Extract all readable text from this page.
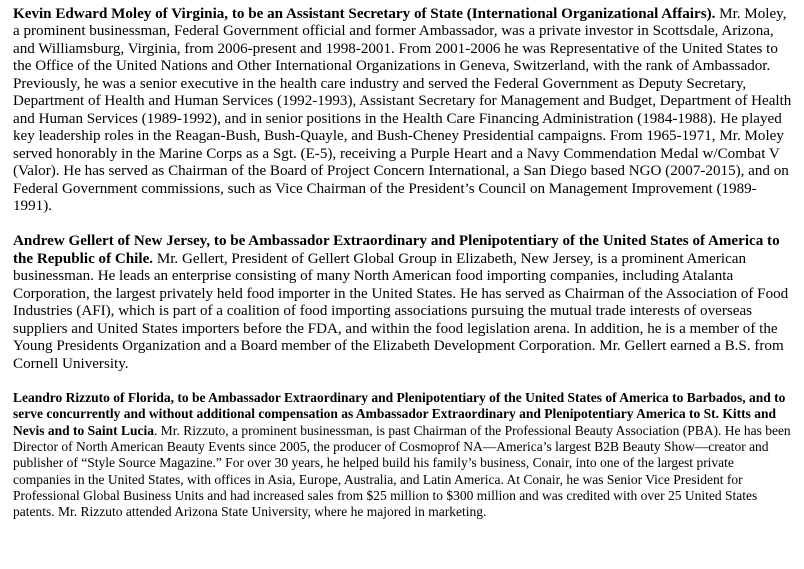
Kevin Edward Moley of Virginia, to be an Assistant Secretary of State (International Organizational Affairs). Mr. Moley, a prominent businessman, Federal Government official and former Ambassador, was a private investor in Scottsdale, Arizona, and Williamsburg, Virginia, from 2006-present and 1998-2001. From 2001-2006 he was Representative of the United States to the Office of the United Nations and Other International Organizations in Geneva, Switzerland, with the rank of Ambassador. Previously, he was a senior executive in the health care industry and served the Federal Government as Deputy Secretary, Department of Health and Human Services (1992-1993), Assistant Secretary for Management and Budget, Department of Health and Human Services (1989-1992), and in senior positions in the Health Care Financing Administration (1984-1988). He played key leadership roles in the Reagan-Bush, Bush-Quayle, and Bush-Cheney Presidential campaigns. From 1965-1971, Mr. Moley served honorably in the Marine Corps as a Sgt. (E-5), receiving a Purple Heart and a Navy Commendation Medal w/Combat V (Valor). He has served as Chairman of the Board of Project Concern International, a San Diego based NGO (2007-2015), and on Federal Government commissions, such as Vice Chairman of the President’s Council on Management Improvement (1989-1991).

Andrew Gellert of New Jersey, to be Ambassador Extraordinary and Plenipotentiary of the United States of America to the Republic of Chile. Mr. Gellert, President of Gellert Global Group in Elizabeth, New Jersey, is a prominent American businessman. He leads an enterprise consisting of many North American food importing companies, including Atalanta Corporation, the largest privately held food importer in the United States. He has served as Chairman of the Association of Food Industries (AFI), which is part of a coalition of food importing associations pursuing the mutual trade interests of overseas suppliers and United States importers before the FDA, and within the food legislation arena. In addition, he is a member of the Young Presidents Organization and a Board member of the Elizabeth Development Corporation. Mr. Gellert earned a B.S. from Cornell University.

Leandro Rizzuto of Florida, to be Ambassador Extraordinary and Plenipotentiary of the United States of America to Barbados, and to serve concurrently and without additional compensation as Ambassador Extraordinary and Plenipotentiary America to St. Kitts and Nevis and to Saint Lucia. Mr. Rizzuto, a prominent businessman, is past Chairman of the Professional Beauty Association (PBA). He has been Director of North American Beauty Events since 2005, the producer of Cosmoprof NA—America’s largest B2B Beauty Show—creator and publisher of “Style Source Magazine.” For over 30 years, he helped build his family’s business, Conair, into one of the largest private companies in the United States, with offices in Asia, Europe, Australia, and Latin America. At Conair, he was Senior Vice President for Professional Global Business Units and had increased sales from $25 million to $300 million and was credited with over 25 United States patents. Mr. Rizzuto attended Arizona State University, where he majored in marketing.
